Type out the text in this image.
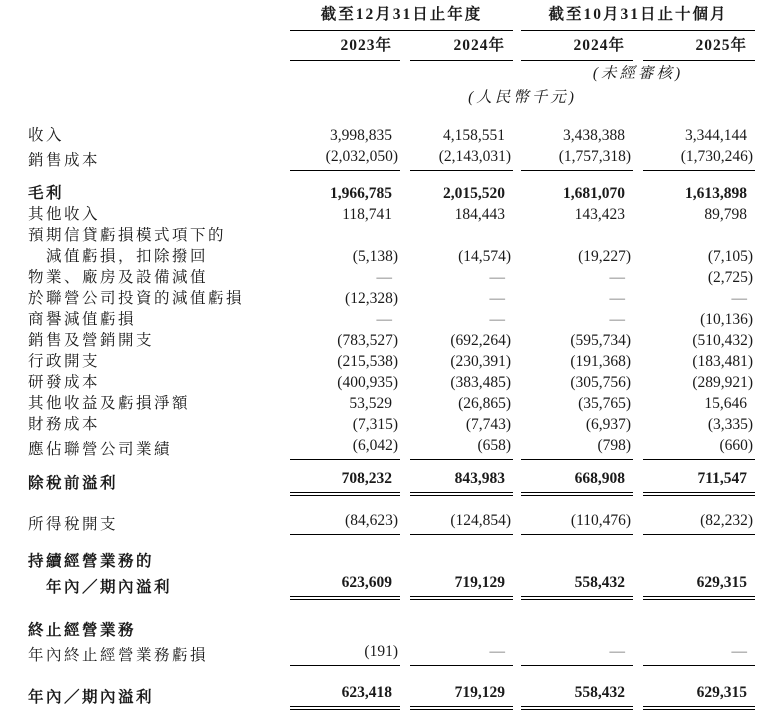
	截至12月31日止年度				截至10月31日止十個月		
	2023年		2024年		2024年		2025年
					(未經審核)		
	(人民幣千元)						

收入	3,998,835		4,158,551		3,438,388		3,344,144
銷售成本	(2,032,050)		(2,143,031)		(1,757,318)		(1,730,246)

毛利	1,966,785		2,015,520		1,681,070		1,613,898
其他收入	118,741		184,443		143,423		89,798
預期信貸虧損模式項下的							
減值虧損，扣除撥回	(5,138)		(14,574)		(19,227)		(7,105)
物業、廠房及設備減值	—		—		—		(2,725)
於聯營公司投資的減值虧損	(12,328)		—		—		—
商譽減值虧損	—		—		—		(10,136)
銷售及營銷開支	(783,527)		(692,264)		(595,734)		(510,432)
行政開支	(215,538)		(230,391)		(191,368)		(183,481)
研發成本	(400,935)		(383,485)		(305,756)		(289,921)
其他收益及虧損淨額	53,529		(26,865)		(35,765)		15,646
財務成本	(7,315)		(7,743)		(6,937)		(3,335)
應佔聯營公司業績	(6,042)		(658)		(798)		(660)

除稅前溢利	708,232		843,983		668,908		711,547

所得稅開支	(84,623)		(124,854)		(110,476)		(82,232)

持續經營業務的							
年內／期內溢利	623,609		719,129		558,432		629,315

終止經營業務							
年內終止經營業務虧損	(191)		—		—		—

年內／期內溢利	623,418		719,129		558,432		629,315
